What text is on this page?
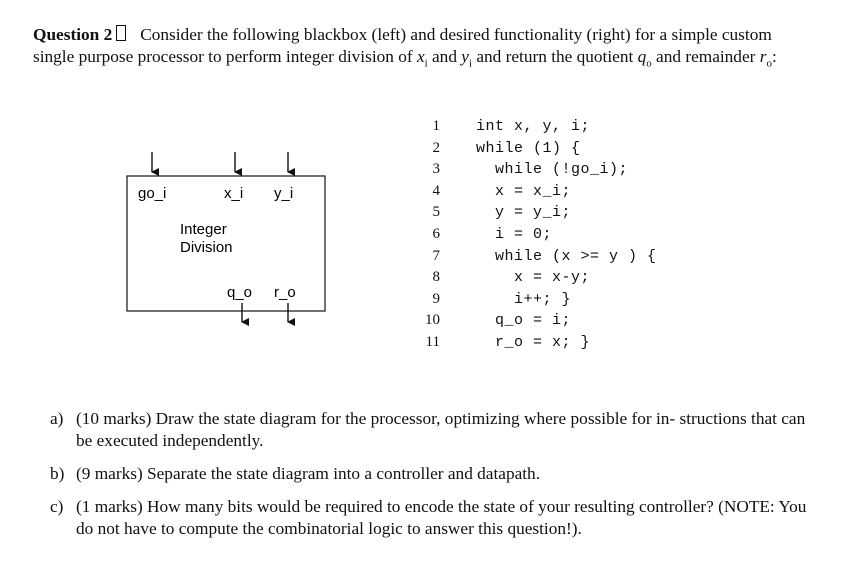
Question 2 Consider the following blackbox (left) and desired functionality (right) for a simple custom single purpose processor to perform integer division of $x_i$ and $y_i$ and return the quotient $q_o$ and remainder $r_o$:
go_i	x_i y_i
Integer
Division
q_o r_o
1 int x, y, i;
2 while (1) {
3 while (!go_i);
4 x = x_i;
5 y = y_i;
6 i = 0;
7 while (x >= y ) {
8 x = x-y;
9 i++; }
10 q_o = i;
11 r_o = x; }
a) (10 marks) Draw the state diagram for the processor, optimizing where possible for in- structions that can be executed independently.
b) (9 marks) Separate the state diagram into a controller and datapath.
c) (1 marks) How many bits would be required to encode the state of your resulting controller? (NOTE: You do not have to compute the combinatorial logic to answer this question!).
